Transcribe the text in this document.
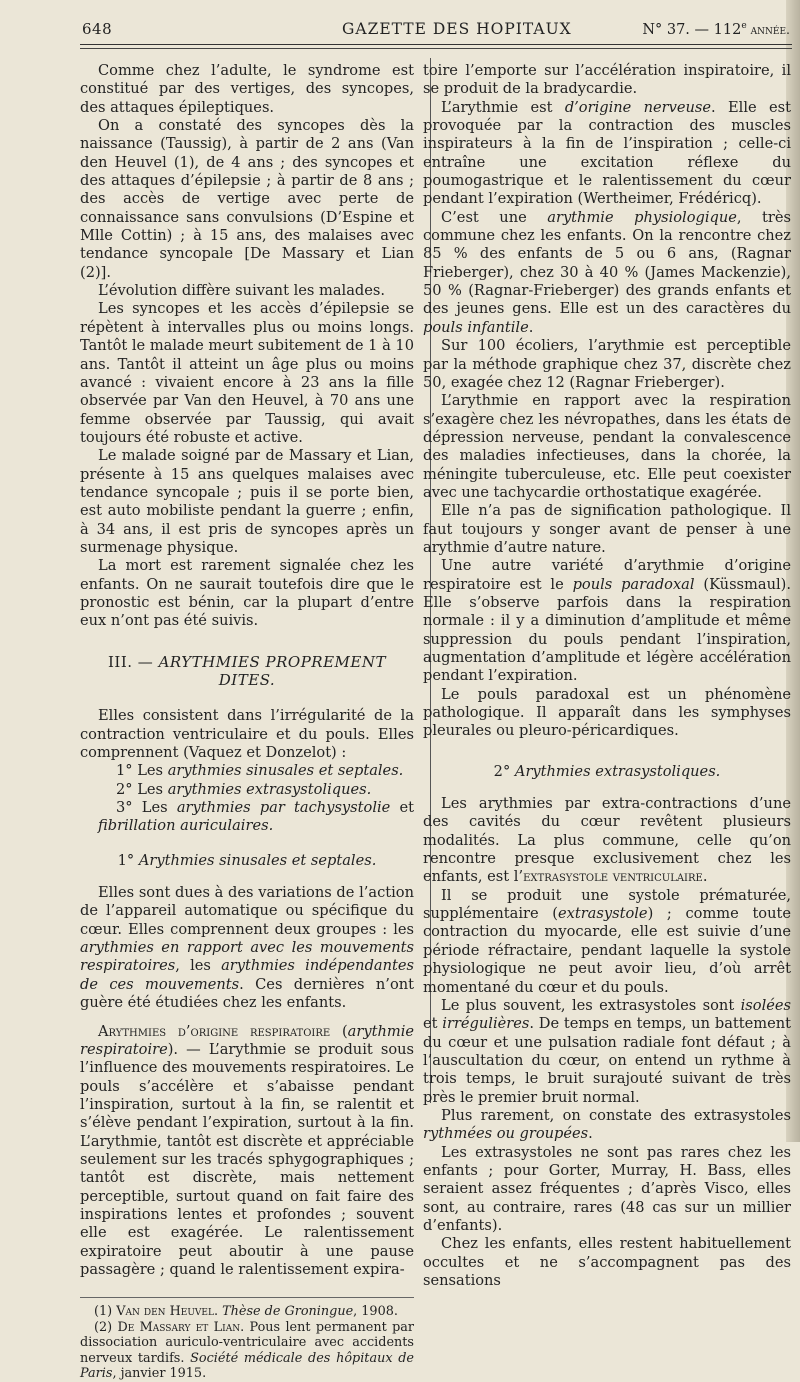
648	GAZETTE DES HOPITAUX	N° 37. — 112e année.

Comme chez l’adulte, le syndrome est constitué par des vertiges, des syncopes, des attaques épileptiques.

On a constaté des syncopes dès la naissance (Taussig), à partir de 2 ans (Van den Heuvel (1), de 4 ans ; des syncopes et des attaques d’épilepsie ; à partir de 8 ans ; des accès de vertige avec perte de connaissance sans convulsions (D’Espine et Mlle Cottin) ; à 15 ans, des malaises avec tendance syncopale [De Massary et Lian (2)].

L’évolution diffère suivant les malades.

Les syncopes et les accès d’épilepsie se répètent à intervalles plus ou moins longs. Tantôt le malade meurt subitement de 1 à 10 ans. Tantôt il atteint un âge plus ou moins avancé : vivaient encore à 23 ans la fille observée par Van den Heuvel, à 70 ans une femme observée par Taussig, qui avait toujours été robuste et active.

Le malade soigné par de Massary et Lian, présente à 15 ans quelques malaises avec tendance syncopale ; puis il se porte bien, est auto mobiliste pendant la guerre ; enfin, à 34 ans, il est pris de syncopes après un surmenage physique.

La mort est rarement signalée chez les enfants. On ne saurait toutefois dire que le pronostic est bénin, car la plupart d’entre eux n’ont pas été suivis.

III. — ARYTHMIES PROPREMENT DITES.

Elles consistent dans l’irrégularité de la contraction ventriculaire et du pouls. Elles comprennent (Vaquez et Donzelot) :

1° Les arythmies sinusales et septales.

2° Les arythmies extrasystoliques.

3° Les arythmies par tachysystolie et fibrillation auriculaires.

1° Arythmies sinusales et septales.

Elles sont dues à des variations de l’action de l’appareil automatique ou spécifique du cœur. Elles comprennent deux groupes : les arythmies en rapport avec les mouvements respiratoires, les arythmies indépendantes de ces mouvements. Ces dernières n’ont guère été étudiées chez les enfants.

Arythmies d’origine respiratoire (arythmie respiratoire). — L’arythmie se produit sous l’influence des mouvements respiratoires. Le pouls s’accélère et s’abaisse pendant l’inspiration, surtout à la fin, se ralentit et s’élève pendant l’expiration, surtout à la fin. L’arythmie, tantôt est discrète et appréciable seulement sur les tracés sphygographiques ; tantôt est discrète, mais nettement perceptible, surtout quand on fait faire des inspirations lentes et profondes ; souvent elle est exagérée. Le ralentissement expiratoire peut aboutir à une pause passagère ; quand le ralentissement expira-

(1) Van den Heuvel. Thèse de Groningue, 1908.

(2) De Massary et Lian. Pous lent permanent par dissociation auriculo-ventriculaire avec accidents nerveux tardifs. Société médicale des hôpitaux de Paris, janvier 1915.

toire l’emporte sur l’accélération inspiratoire, il se produit de la bradycardie.

L’arythmie est d’origine nerveuse. Elle est provoquée par la contraction des muscles inspirateurs à la fin de l’inspiration ; celle-ci entraîne une excitation réflexe du poumogastrique et le ralentissement du cœur pendant l’expiration (Wertheimer, Frédéricq).

C’est une arythmie physiologique, très commune chez les enfants. On la rencontre chez 85 % des enfants de 5 ou 6 ans, (Ragnar Frieberger), chez 30 à 40 % (James Mackenzie), 50 % (Ragnar-Frieberger) des grands enfants et des jeunes gens. Elle est un des caractères du pouls infantile.

Sur 100 écoliers, l’arythmie est perceptible par la méthode graphique chez 37, discrète chez 50, exagée chez 12 (Ragnar Frieberger).

L’arythmie en rapport avec la respiration s’exagère chez les névropathes, dans les états de dépression nerveuse, pendant la convalescence des maladies infectieuses, dans la chorée, la méningite tuberculeuse, etc. Elle peut coexister avec une tachycardie orthostatique exagérée.

Elle n’a pas de signification pathologique. Il faut toujours y songer avant de penser à une arythmie d’autre nature.

Une autre variété d’arythmie d’origine respiratoire est le pouls paradoxal (Küssmaul). Elle s’observe parfois dans la respiration normale : il y a diminution d’amplitude et même suppression du pouls pendant l’inspiration, augmentation d’amplitude et légère accélération pendant l’expiration.

Le pouls paradoxal est un phénomène pathologique. Il apparaît dans les symphyses pleurales ou pleuro-péricardiques.

2° Arythmies extrasystoliques.

Les arythmies par extra-contractions d’une des cavités du cœur revêtent plusieurs modalités. La plus commune, celle qu’on rencontre presque exclusivement chez les enfants, est l’extrasystole ventriculaire.

Il se produit une systole prématurée, supplémentaire (extrasystole) ; comme toute contraction du myocarde, elle est suivie d’une période réfractaire, pendant laquelle la systole physiologique ne peut avoir lieu, d’où arrêt momentané du cœur et du pouls.

Le plus souvent, les extrasystoles sont isolées et irrégulières. De temps en temps, un battement du cœur et une pulsation radiale font défaut ; à l’auscultation du cœur, on entend un rythme à trois temps, le bruit surajouté suivant de très près le premier bruit normal.

Plus rarement, on constate des extrasystoles rythmées ou groupées.

Les extrasystoles ne sont pas rares chez les enfants ; pour Gorter, Murray, H. Bass, elles seraient assez fréquentes ; d’après Visco, elles sont, au contraire, rares (48 cas sur un millier d’enfants).

Chez les enfants, elles restent habituellement occultes et ne s’accompagnent pas des sensations
